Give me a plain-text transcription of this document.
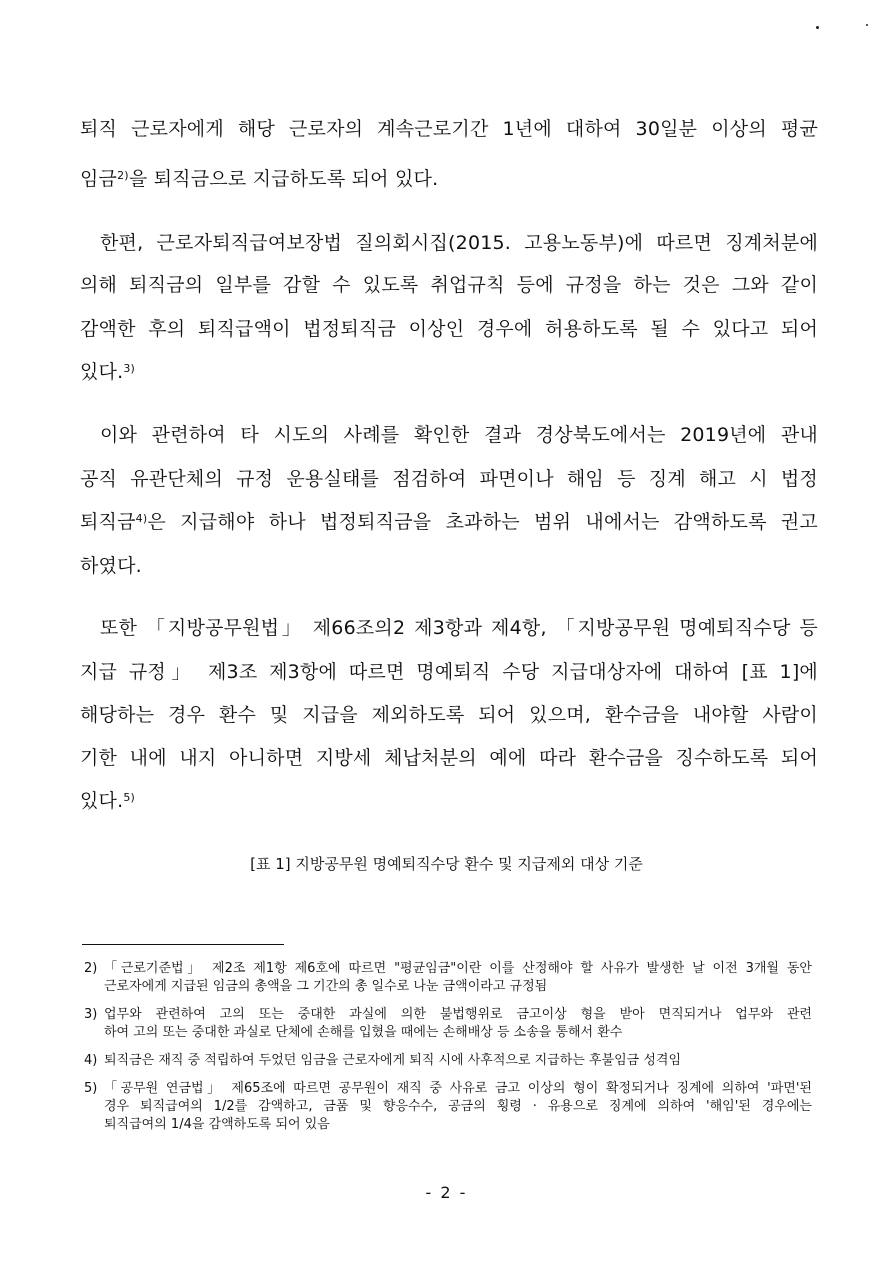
퇴직 근로자에게 해당 근로자의 계속근로기간 1년에 대하여 30일분 이상의 평균
임금$^{2)}$을 퇴직금으로 지급하도록 되어 있다.
한편, 근로자퇴직급여보장법 질의회시집(2015. 고용노동부)에 따르면 징계처분에
의해 퇴직금의 일부를 감할 수 있도록 취업규칙 등에 규정을 하는 것은 그와 같이
감액한 후의 퇴직급액이 법정퇴직금 이상인 경우에 허용하도록 될 수 있다고 되어
있다.$^{3)}$
이와 관련하여 타 시도의 사례를 확인한 결과 경상북도에서는 2019년에 관내
공직 유관단체의 규정 운용실태를 점검하여 파면이나 해임 등 징계 해고 시 법정
퇴직금$^{4)}$은 지급해야 하나 법정퇴직금을 초과하는 범위 내에서는 감액하도록 권고
하였다.
또한 「지방공무원법」 제66조의2 제3항과 제4항, 「지방공무원 명예퇴직수당 등
지급 규정」 제3조 제3항에 따르면 명예퇴직 수당 지급대상자에 대하여 [표 1]에
해당하는 경우 환수 및 지급을 제외하도록 되어 있으며, 환수금을 내야할 사람이
기한 내에 내지 아니하면 지방세 체납처분의 예에 따라 환수금을 징수하도록 되어
있다.$^{5)}$
[표 1] 지방공무원 명예퇴직수당 환수 및 지급제외 대상 기준
2) 「근로기준법」 제2조 제1항 제6호에 따르면 "평균임금"이란 이를 산정해야 할 사유가 발생한 날 이전 3개월 동안
근로자에게 지급된 임금의 총액을 그 기간의 총 일수로 나눈 금액이라고 규정됨
3) 업무와 관련하여 고의 또는 중대한 과실에 의한 불법행위로 금고이상 형을 받아 면직되거나 업무와 관련
하여 고의 또는 중대한 과실로 단체에 손해를 입혔을 때에는 손해배상 등 소송을 통해서 환수
4) 퇴직금은 재직 중 적립하여 두었던 임금을 근로자에게 퇴직 시에 사후적으로 지급하는 후불임금 성격임
5) 「공무원 연금법」 제65조에 따르면 공무원이 재직 중 사유로 금고 이상의 형이 확정되거나 징계에 의하여 '파면'된
경우 퇴직급여의 1/2를 감액하고, 금품 및 향응수수, 공금의 횡령 · 유용으로 징계에 의하여 '해임'된 경우에는
퇴직급여의 1/4을 감액하도록 되어 있음
- 2 -
